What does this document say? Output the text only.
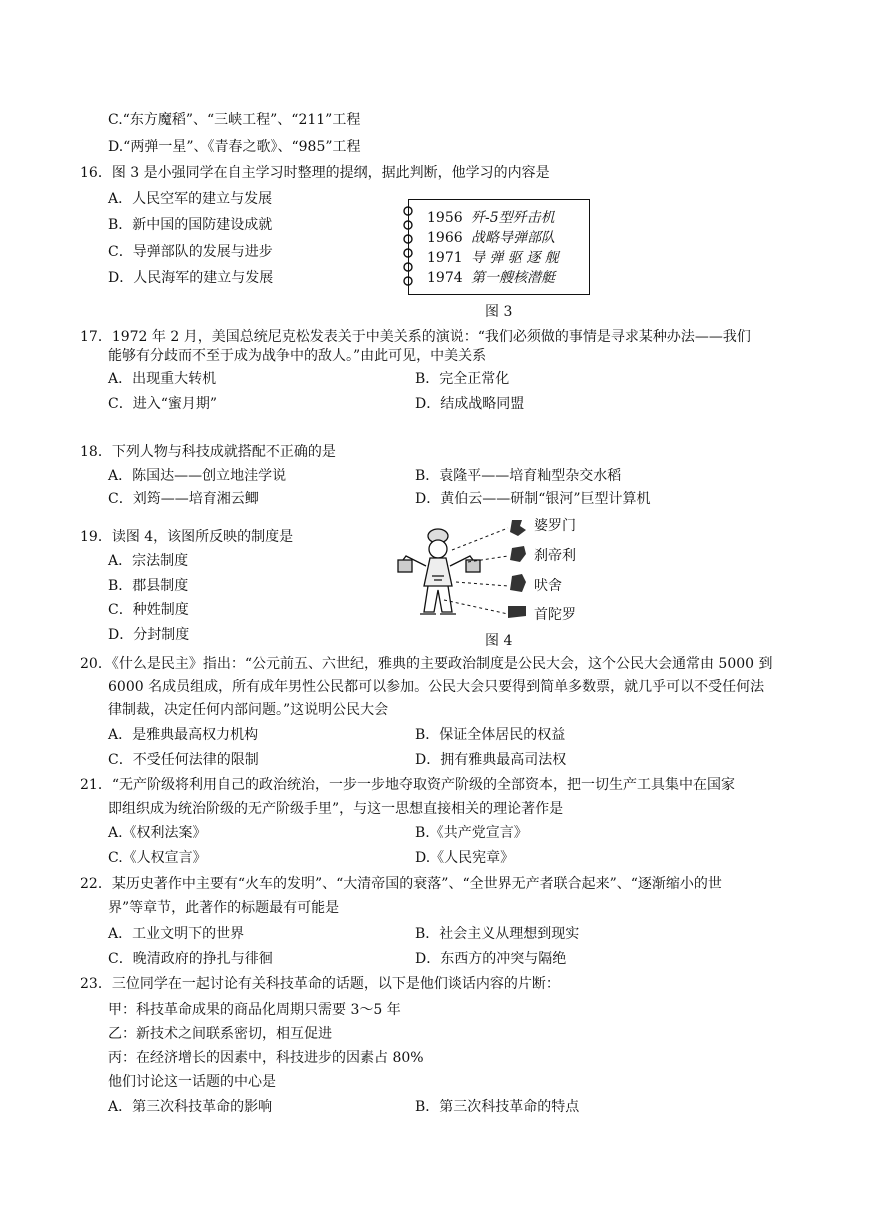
C.“东方魔稻”、“三峡工程”、“211”工程
D.“两弹一星”、《青春之歌》、“985”工程
16．图 3 是小强同学在自主学习时整理的提纲，据此判断，他学习的内容是
A．人民空军的建立与发展
B．新中国的国防建设成就
C．导弹部队的发展与进步
D．人民海军的建立与发展
1956 歼-5型歼击机
1966 战略导弹部队
1971 导 弹 驱 逐 舰
1974 第一艘核潜艇
图 3
17．1972 年 2 月，美国总统尼克松发表关于中美关系的演说：“我们必须做的事情是寻求某种办法——我们
能够有分歧而不至于成为战争中的敌人。”由此可见，中美关系
A．出现重大转机	B．完全正常化
C．进入“蜜月期”	D．结成战略同盟
18．下列人物与科技成就搭配不正确的是
A．陈国达——创立地洼学说	B．袁隆平——培育籼型杂交水稻
C．刘筠——培育湘云鲫	D．黄伯云——研制“银河”巨型计算机
19．读图 4，该图所反映的制度是
A．宗法制度
B．郡县制度
C．种姓制度
D．分封制度
婆罗门
刹帝利
吠舍
首陀罗
图 4
20．《什么是民主》指出：“公元前五、六世纪，雅典的主要政治制度是公民大会，这个公民大会通常由 5000 到
6000 名成员组成，所有成年男性公民都可以参加。公民大会只要得到简单多数票，就几乎可以不受任何法
律制裁，决定任何内部问题。”这说明公民大会
A．是雅典最高权力机构	B．保证全体居民的权益
C．不受任何法律的限制	D．拥有雅典最高司法权
21．“无产阶级将利用自己的政治统治，一步一步地夺取资产阶级的全部资本，把一切生产工具集中在国家
即组织成为统治阶级的无产阶级手里”，与这一思想直接相关的理论著作是
A.《权利法案》	B.《共产党宣言》
C.《人权宣言》	D.《人民宪章》
22．某历史著作中主要有“火车的发明”、“大清帝国的衰落”、“全世界无产者联合起来”、“逐渐缩小的世
界”等章节，此著作的标题最有可能是
A．工业文明下的世界	B．社会主义从理想到现实
C．晚清政府的挣扎与徘徊	D．东西方的冲突与隔绝
23．三位同学在一起讨论有关科技革命的话题，以下是他们谈话内容的片断：
甲：科技革命成果的商品化周期只需要 3～5 年
乙：新技术之间联系密切，相互促进
丙：在经济增长的因素中，科技进步的因素占 80%
他们讨论这一话题的中心是
A．第三次科技革命的影响	B．第三次科技革命的特点
